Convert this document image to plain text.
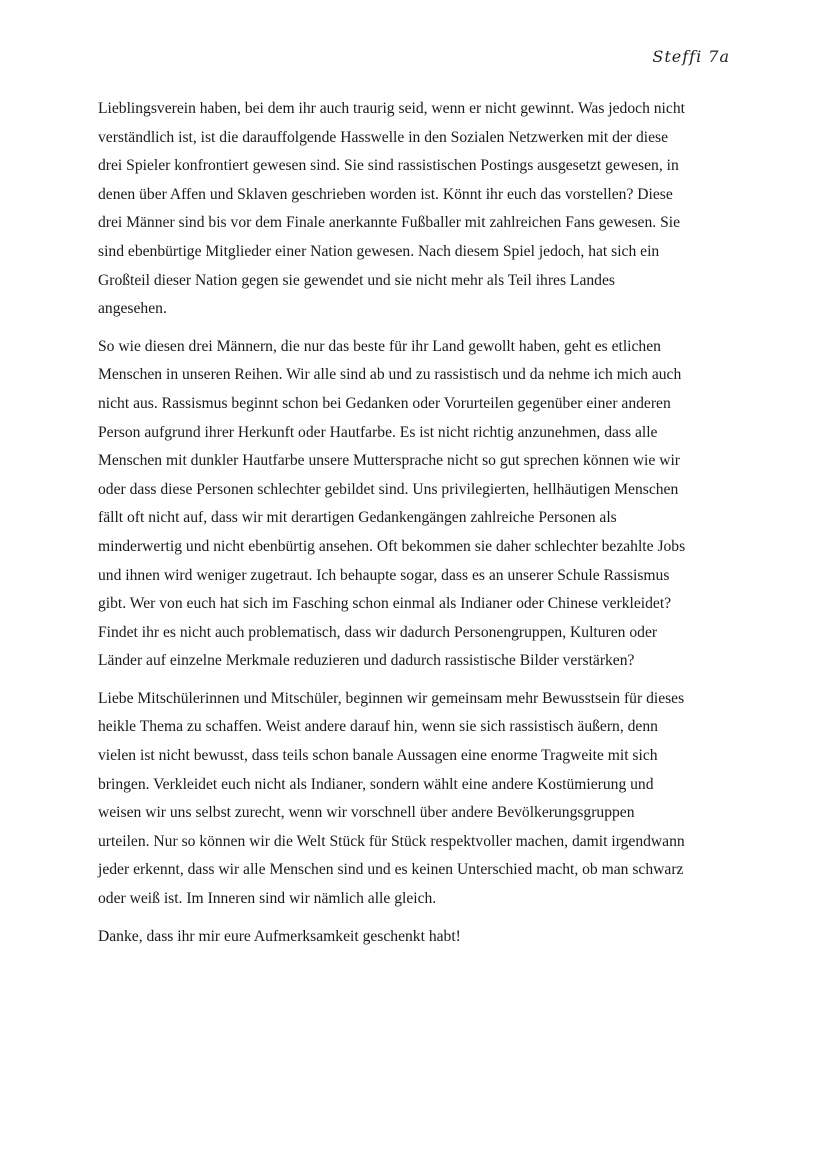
Steffi 7a
Lieblingsverein haben, bei dem ihr auch traurig seid, wenn er nicht gewinnt. Was jedoch nicht
verständlich ist, ist die darauffolgende Hasswelle in den Sozialen Netzwerken mit der diese
drei Spieler konfrontiert gewesen sind. Sie sind rassistischen Postings ausgesetzt gewesen, in
denen über Affen und Sklaven geschrieben worden ist. Könnt ihr euch das vorstellen? Diese
drei Männer sind bis vor dem Finale anerkannte Fußballer mit zahlreichen Fans gewesen. Sie
sind ebenbürtige Mitglieder einer Nation gewesen. Nach diesem Spiel jedoch, hat sich ein
Großteil dieser Nation gegen sie gewendet und sie nicht mehr als Teil ihres Landes
angesehen.
So wie diesen drei Männern, die nur das beste für ihr Land gewollt haben, geht es etlichen
Menschen in unseren Reihen. Wir alle sind ab und zu rassistisch und da nehme ich mich auch
nicht aus. Rassismus beginnt schon bei Gedanken oder Vorurteilen gegenüber einer anderen
Person aufgrund ihrer Herkunft oder Hautfarbe. Es ist nicht richtig anzunehmen, dass alle
Menschen mit dunkler Hautfarbe unsere Muttersprache nicht so gut sprechen können wie wir
oder dass diese Personen schlechter gebildet sind. Uns privilegierten, hellhäutigen Menschen
fällt oft nicht auf, dass wir mit derartigen Gedankengängen zahlreiche Personen als
minderwertig und nicht ebenbürtig ansehen. Oft bekommen sie daher schlechter bezahlte Jobs
und ihnen wird weniger zugetraut. Ich behaupte sogar, dass es an unserer Schule Rassismus
gibt. Wer von euch hat sich im Fasching schon einmal als Indianer oder Chinese verkleidet?
Findet ihr es nicht auch problematisch, dass wir dadurch Personengruppen, Kulturen oder
Länder auf einzelne Merkmale reduzieren und dadurch rassistische Bilder verstärken?
Liebe Mitschülerinnen und Mitschüler, beginnen wir gemeinsam mehr Bewusstsein für dieses
heikle Thema zu schaffen. Weist andere darauf hin, wenn sie sich rassistisch äußern, denn
vielen ist nicht bewusst, dass teils schon banale Aussagen eine enorme Tragweite mit sich
bringen. Verkleidet euch nicht als Indianer, sondern wählt eine andere Kostümierung und
weisen wir uns selbst zurecht, wenn wir vorschnell über andere Bevölkerungsgruppen
urteilen. Nur so können wir die Welt Stück für Stück respektvoller machen, damit irgendwann
jeder erkennt, dass wir alle Menschen sind und es keinen Unterschied macht, ob man schwarz
oder weiß ist. Im Inneren sind wir nämlich alle gleich.
Danke, dass ihr mir eure Aufmerksamkeit geschenkt habt!
